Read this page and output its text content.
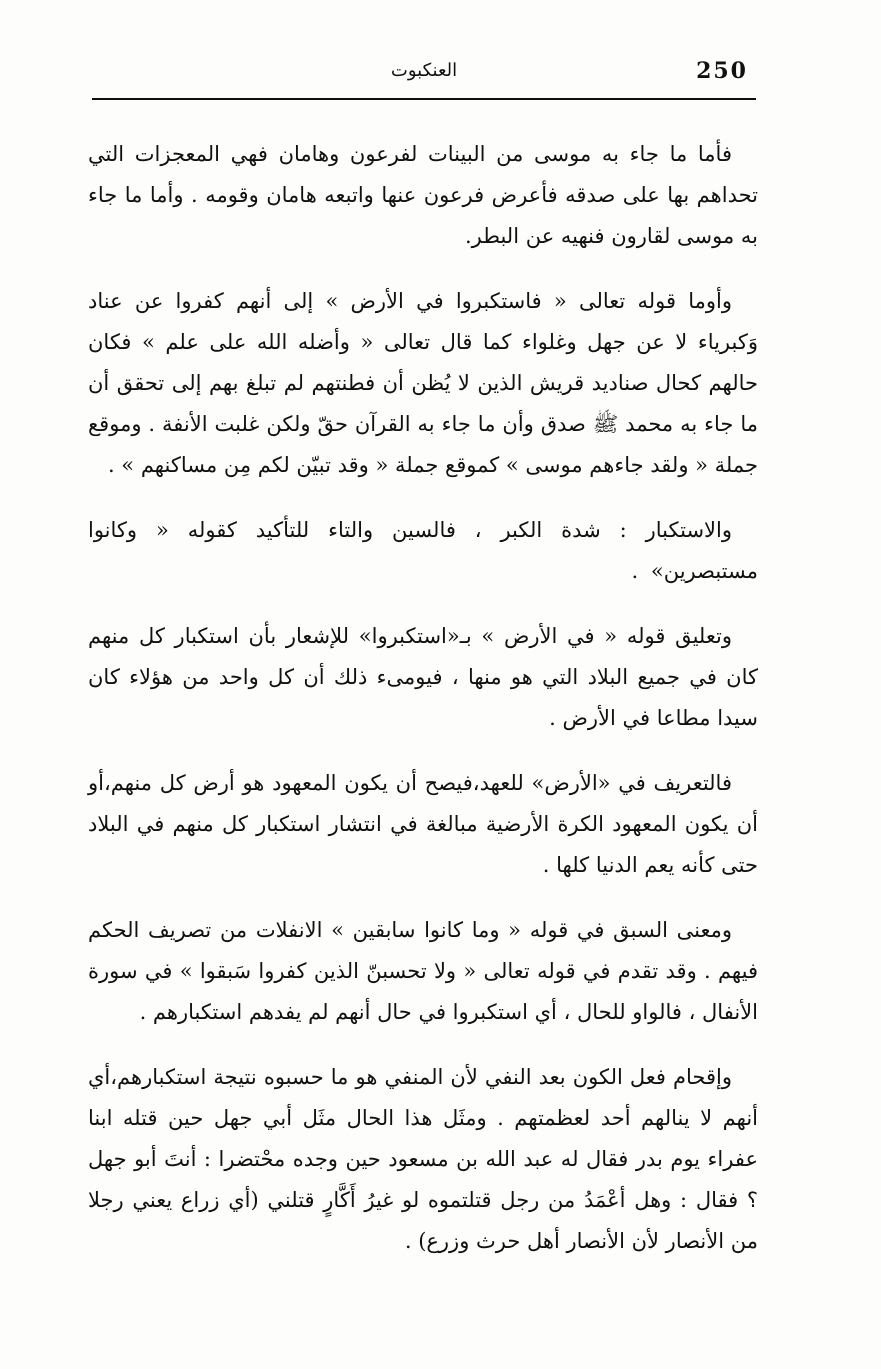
250
العنكبوت

فأما ما جاء به موسى من البينات لفرعون وهامان فهي المعجزات التي تحداهم بها على صدقه فأعرض فرعون عنها واتبعه هامان وقومه . وأما ما جاء به موسى لقارون فنهيه عن البطر.

وأوما قوله تعالى « فاستكبروا في الأرض » إلى أنهم كفروا عن عناد وَكبرياء لا عن جهل وغلواء كما قال تعالى « وأضله الله على علم » فكان حالهم كحال صناديد قريش الذين لا يُظن أن فطنتهم لم تبلغ بهم إلى تحقق أن ما جاء به محمد ﷺ صدق وأن ما جاء به القرآن حقّ ولكن غلبت الأنفة . وموقع جملة « ولقد جاءهم موسى » كموقع جملة « وقد تبيّن لكم مِن مساكنهم » .

والاستكبار : شدة الكبر ، فالسين والتاء للتأكيد كقوله « وكانوا مستبصرين» .

وتعليق قوله « في الأرض » بـ«استكبروا» للإشعار بأن استكبار كل منهم كان في جميع البلاد التي هو منها ، فيومىء ذلك أن كل واحد من هؤلاء كان سيدا مطاعا في الأرض .

فالتعريف في «الأرض» للعهد،فيصح أن يكون المعهود هو أرض كل منهم،أو أن يكون المعهود الكرة الأرضية مبالغة في انتشار استكبار كل منهم في البلاد حتى كأنه يعم الدنيا كلها .

ومعنى السبق في قوله « وما كانوا سابقين » الانفلات من تصريف الحكم فيهم . وقد تقدم في قوله تعالى « ولا تحسبنّ الذين كفروا سَبقوا » في سورة الأنفال ، فالواو للحال ، أي استكبروا في حال أنهم لم يفدهم استكبارهم .

وإقحام فعل الكون بعد النفي لأن المنفي هو ما حسبوه نتيجة استكبارهم،أي أنهم لا ينالهم أحد لعظمتهم . ومثَل هذا الحال مثَل أبي جهل حين قتله ابنا عفراء يوم بدر فقال له عبد الله بن مسعود حين وجده محْتضرا : أنتَ أبو جهل ؟ فقال : وهل أعْمَدُ من رجل قتلتموه لو غيرُ أَكَّارٍ قتلني (أي زراع يعني رجلا من الأنصار لأن الأنصار أهل حرث وزرع) .
